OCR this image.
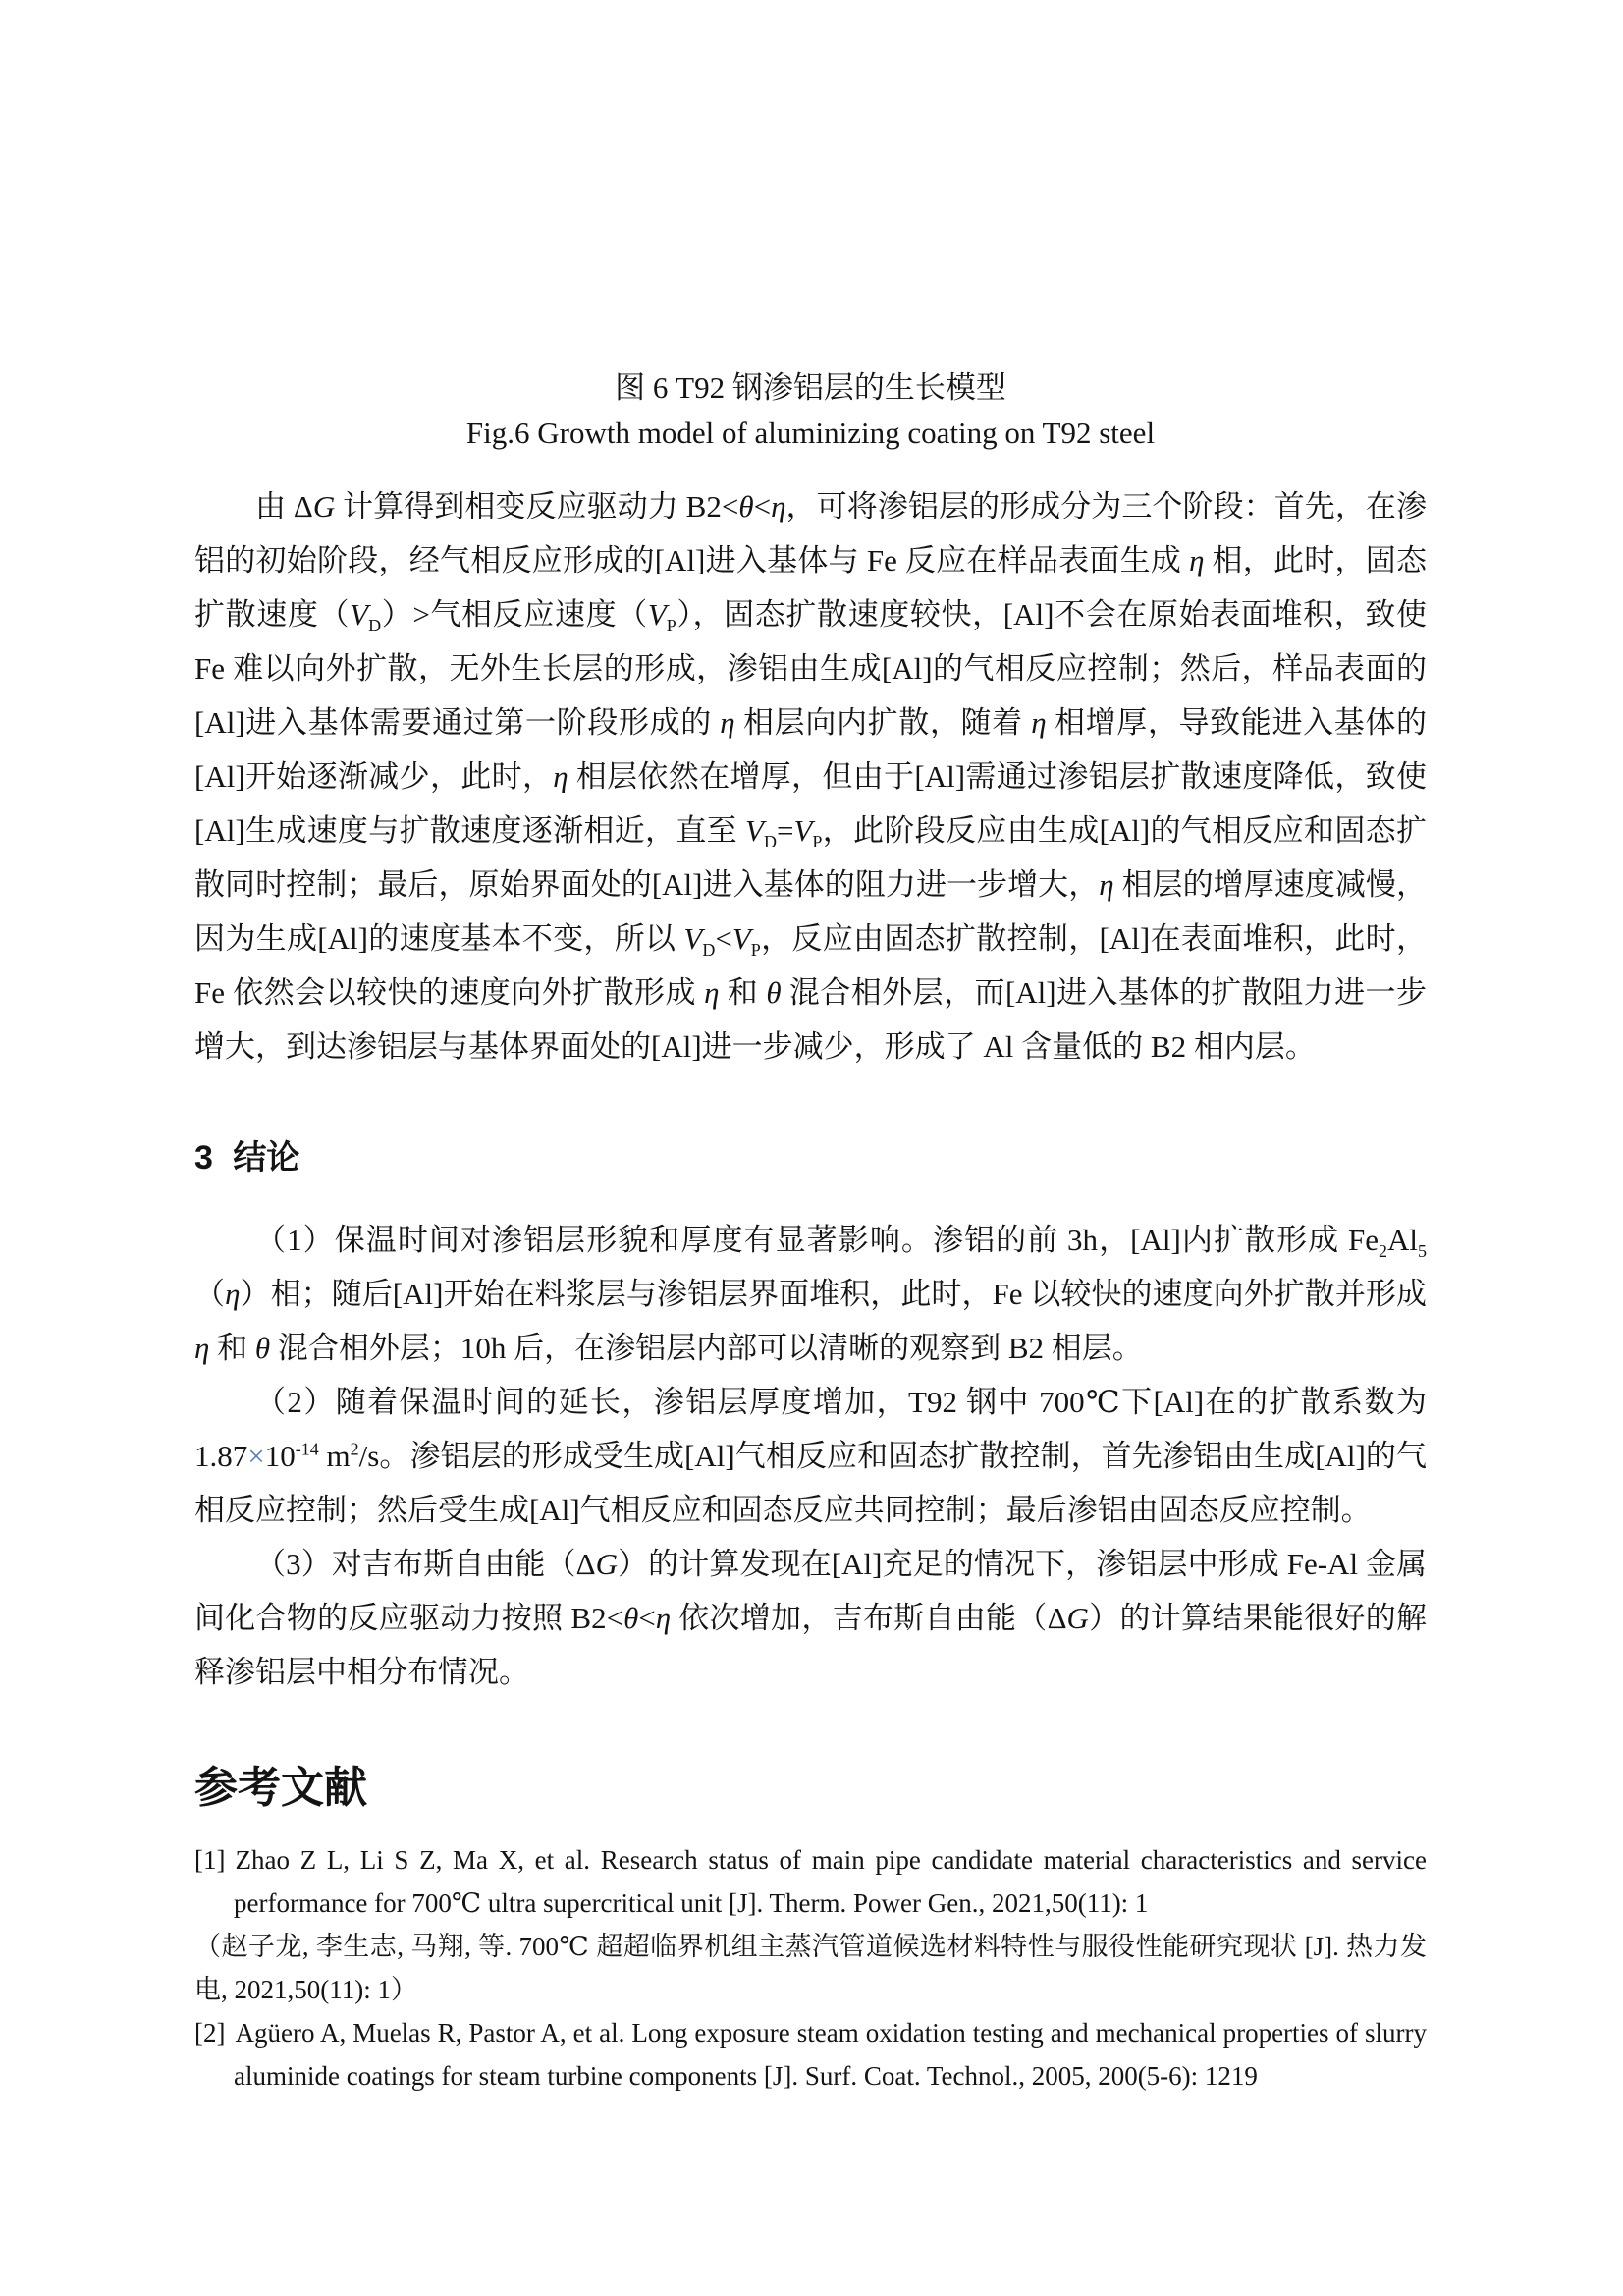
图 6 T92 钢渗铝层的生长模型

Fig.6 Growth model of aluminizing coating on T92 steel

由 ΔG 计算得到相变反应驱动力 B2<θ<η，可将渗铝层的形成分为三个阶段：首先，在渗铝的初始阶段，经气相反应形成的[Al]进入基体与 Fe 反应在样品表面生成 η 相，此时，固态扩散速度$(V_D)>$气相反应速度$(V_P)$，固态扩散速度较快，[Al]不会在原始表面堆积，致使 Fe 难以向外扩散，无外生长层的形成，渗铝由生成[Al]的气相反应控制；然后，样品表面的[Al]进入基体需要通过第一阶段形成的 η 相层向内扩散，随着 η 相增厚，导致能进入基体的[Al]开始逐渐减少，此时，η 相层依然在增厚，但由于[Al]需通过渗铝层扩散速度降低，致使[Al]生成速度与扩散速度逐渐相近，直至 $V_D=V_P$，此阶段反应由生成[Al]的气相反应和固态扩散同时控制；最后，原始界面处的[Al]进入基体的阻力进一步增大，η 相层的增厚速度减慢，因为生成[Al]的速度基本不变，所以 $V_D<V_P$，反应由固态扩散控制，[Al]在表面堆积，此时，Fe 依然会以较快的速度向外扩散形成 η 和 θ 混合相外层，而[Al]进入基体的扩散阻力进一步增大，到达渗铝层与基体界面处的[Al]进一步减少，形成了 Al 含量低的 B2 相内层。

3 结论

（1）保温时间对渗铝层形貌和厚度有显著影响。渗铝的前 3h，[Al]内扩散形成 $Fe_2Al_5(\eta)$相；随后[Al]开始在料浆层与渗铝层界面堆积，此时，Fe 以较快的速度向外扩散并形成 η 和 θ 混合相外层；10h 后，在渗铝层内部可以清晰的观察到 B2 相层。

（2）随着保温时间的延长，渗铝层厚度增加，T92 钢中 700℃下[Al]在的扩散系数为 $1.87\times 10^{-14}$ $m^2/s$。渗铝层的形成受生成[Al]气相反应和固态扩散控制，首先渗铝由生成[Al]的气相反应控制；然后受生成[Al]气相反应和固态反应共同控制；最后渗铝由固态反应控制。

（3）对吉布斯自由能（ΔG）的计算发现在[Al]充足的情况下，渗铝层中形成 Fe-Al 金属间化合物的反应驱动力按照 B2<θ<η 依次增加，吉布斯自由能（ΔG）的计算结果能很好的解释渗铝层中相分布情况。

参考文献

[1] Zhao Z L, Li S Z, Ma X, et al. Research status of main pipe candidate material characteristics and service performance for 700℃ ultra supercritical unit [J]. Therm. Power Gen., 2021,50(11): 1

（赵子龙, 李生志, 马翔, 等. 700℃ 超超临界机组主蒸汽管道候选材料特性与服役性能研究现状 [J]. 热力发电, 2021,50(11): 1）

[2] Agüero A, Muelas R, Pastor A, et al. Long exposure steam oxidation testing and mechanical properties of slurry aluminide coatings for steam turbine components [J]. Surf. Coat. Technol., 2005, 200(5-6): 1219
